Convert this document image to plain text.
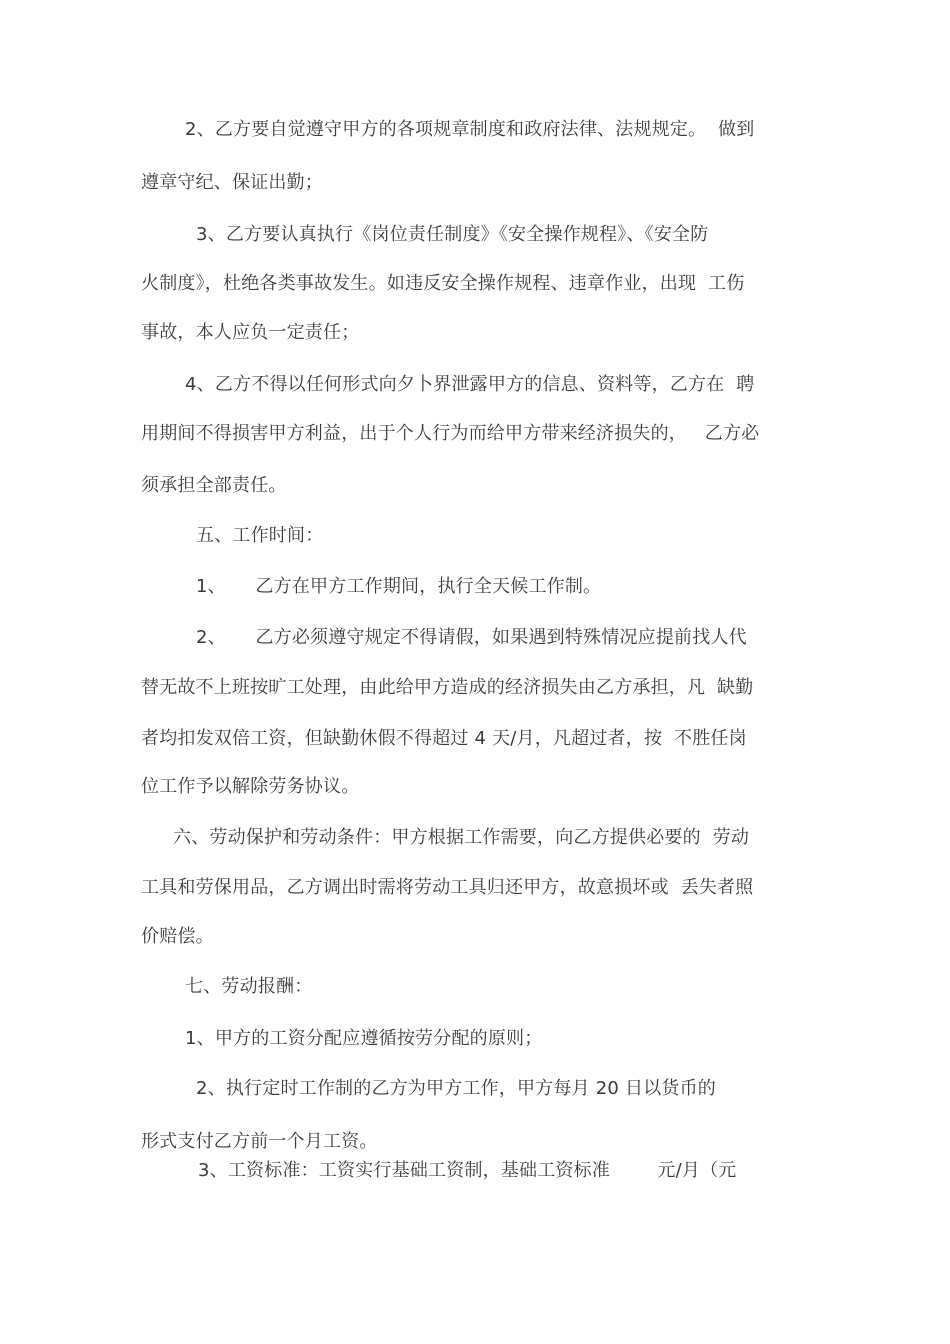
2、乙方要自觉遵守甲方的各项规章制度和政府法律、法规规定。  做到
遵章守纪、保证出勤；
3、乙方要认真执行《岗位责任制度》《安全操作规程》、《安全防
火制度》，杜绝各类事故发生。如违反安全操作规程、违章作业，出现  工伤
事故，本人应负一定责任；
4、乙方不得以任何形式向夕卜界泄露甲方的信息、资料等，乙方在  聘
用期间不得损害甲方利益，出于个人行为而给甲方带来经济损失的，   乙方必
须承担全部责任。
五、工作时间：
1、     乙方在甲方工作期间，执行全天候工作制。
2、     乙方必须遵守规定不得请假，如果遇到特殊情况应提前找人代
替无故不上班按旷工处理，由此给甲方造成的经济损失由乙方承担，凡  缺勤
者均扣发双倍工资，但缺勤休假不得超过 4 天/月，凡超过者，按  不胜任岗
位工作予以解除劳务协议。
六、劳动保护和劳动条件：甲方根据工作需要，向乙方提供必要的  劳动
工具和劳保用品，乙方调出时需将劳动工具归还甲方，故意损坏或  丢失者照
价赔偿。
七、劳动报酬：
1、甲方的工资分配应遵循按劳分配的原则；
2、执行定时工作制的乙方为甲方工作，甲方每月 20 日以货币的
形式支付乙方前一个月工资。
3、工资标准：工资实行基础工资制，基础工资标准        元/月（元
